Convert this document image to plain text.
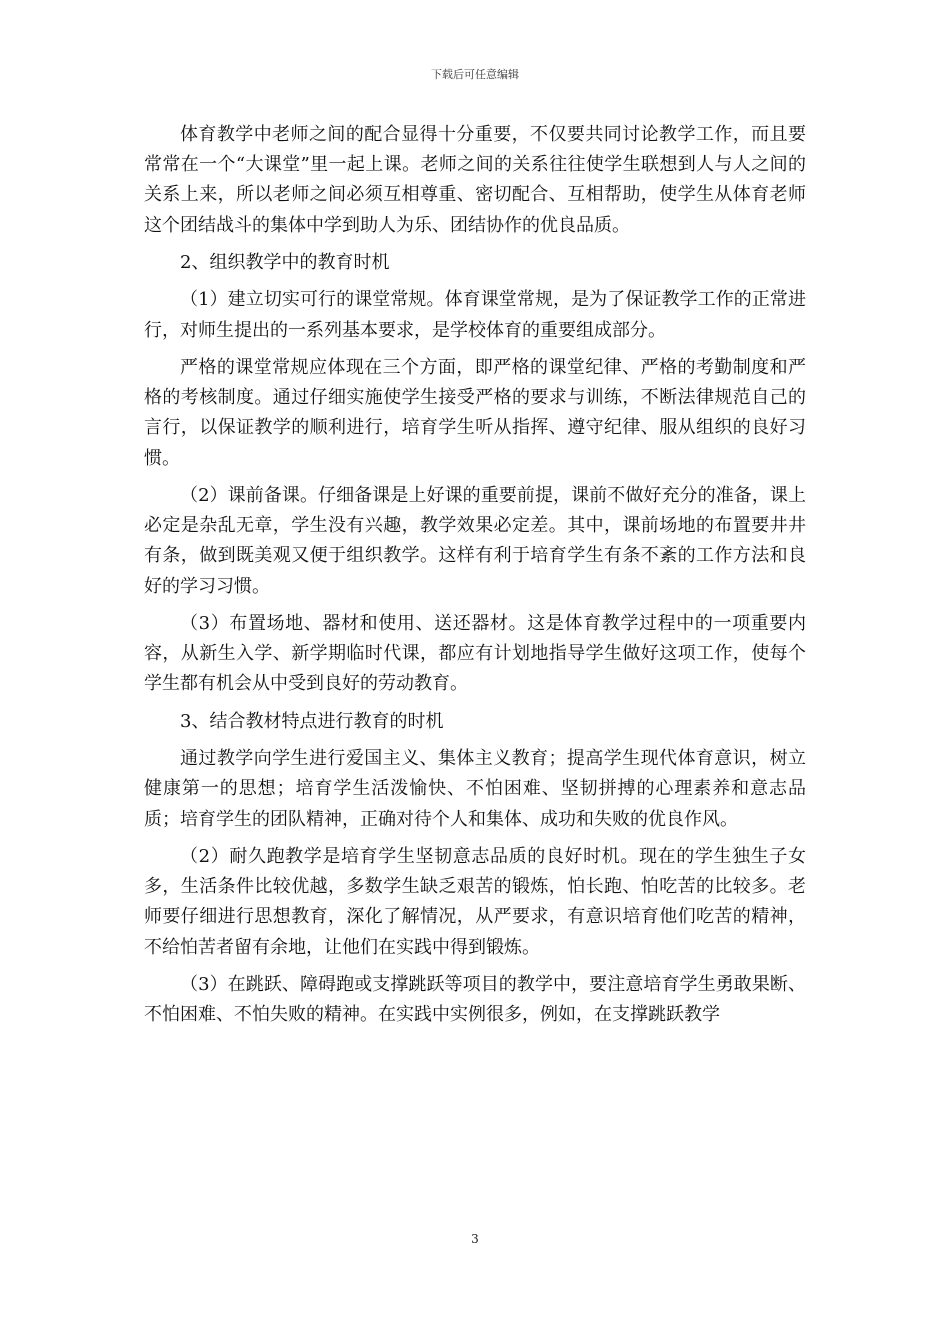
下载后可任意编辑

体育教学中老师之间的配合显得十分重要，不仅要共同讨论教学工作，而且要常常在一个“大课堂”里一起上课。老师之间的关系往往使学生联想到人与人之间的关系上来，所以老师之间必须互相尊重、密切配合、互相帮助，使学生从体育老师这个团结战斗的集体中学到助人为乐、团结协作的优良品质。

2、组织教学中的教育时机

（1）建立切实可行的课堂常规。体育课堂常规，是为了保证教学工作的正常进行，对师生提出的一系列基本要求，是学校体育的重要组成部分。

严格的课堂常规应体现在三个方面，即严格的课堂纪律、严格的考勤制度和严格的考核制度。通过仔细实施使学生接受严格的要求与训练，不断法律规范自己的言行，以保证教学的顺利进行，培育学生听从指挥、遵守纪律、服从组织的良好习惯。

（2）课前备课。仔细备课是上好课的重要前提，课前不做好充分的准备，课上必定是杂乱无章，学生没有兴趣，教学效果必定差。其中，课前场地的布置要井井有条，做到既美观又便于组织教学。这样有利于培育学生有条不紊的工作方法和良好的学习习惯。

（3）布置场地、器材和使用、送还器材。这是体育教学过程中的一项重要内容，从新生入学、新学期临时代课，都应有计划地指导学生做好这项工作，使每个学生都有机会从中受到良好的劳动教育。

3、结合教材特点进行教育的时机

通过教学向学生进行爱国主义、集体主义教育；提高学生现代体育意识，树立健康第一的思想；培育学生活泼愉快、不怕困难、坚韧拼搏的心理素养和意志品质；培育学生的团队精神，正确对待个人和集体、成功和失败的优良作风。

（2）耐久跑教学是培育学生坚韧意志品质的良好时机。现在的学生独生子女多，生活条件比较优越，多数学生缺乏艰苦的锻炼，怕长跑、怕吃苦的比较多。老师要仔细进行思想教育，深化了解情况，从严要求，有意识培育他们吃苦的精神，不给怕苦者留有余地，让他们在实践中得到锻炼。

（3）在跳跃、障碍跑或支撑跳跃等项目的教学中，要注意培育学生勇敢果断、不怕困难、不怕失败的精神。在实践中实例很多，例如，在支撑跳跃教学

3
